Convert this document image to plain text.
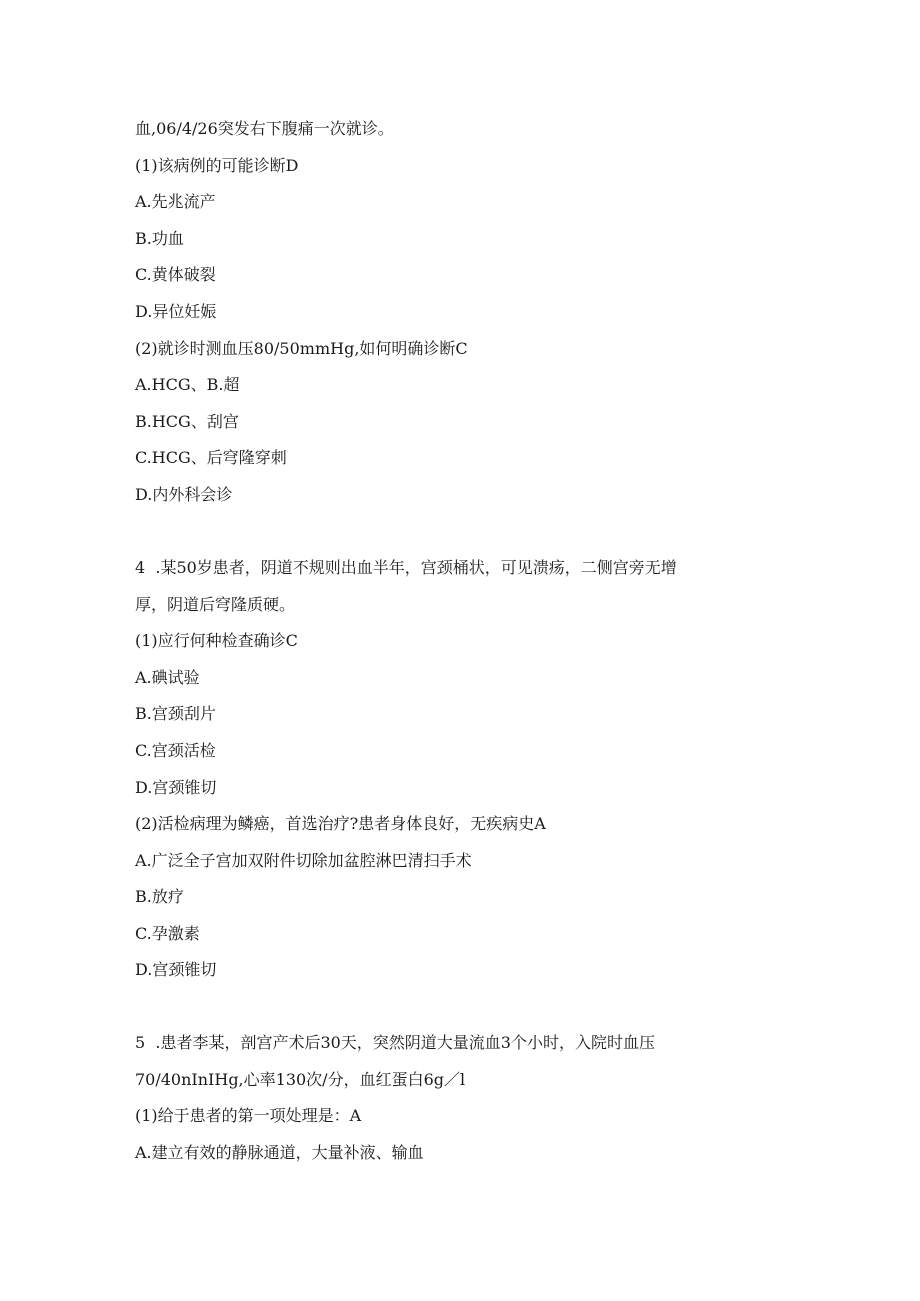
血,06/4/26突发右下腹痛一次就诊。
(1)该病例的可能诊断D
A.先兆流产
B.功血
C.黄体破裂
D.异位妊娠
(2)就诊时测血压80/50mmHg,如何明确诊断C
A.HCG、B.超
B.HCG、刮宫
C.HCG、后穹隆穿刺
D.内外科会诊
4  .某50岁患者，阴道不规则出血半年，宫颈桶状，可见溃疡，二侧宫旁无增
厚，阴道后穹隆质硬。
(1)应行何种检查确诊C
A.碘试验
B.宫颈刮片
C.宫颈活检
D.宫颈锥切
(2)活检病理为鳞癌，首选治疗?患者身体良好，无疾病史A
A.广泛全子宫加双附件切除加盆腔淋巴清扫手术
B.放疗
C.孕激素
D.宫颈锥切
5  .患者李某，剖宫产术后30天，突然阴道大量流血3个小时，入院时血压
70/40nInIHg,心率130次/分，血红蛋白6g／l
(1)给于患者的第一项处理是：A
A.建立有效的静脉通道，大量补液、输血
